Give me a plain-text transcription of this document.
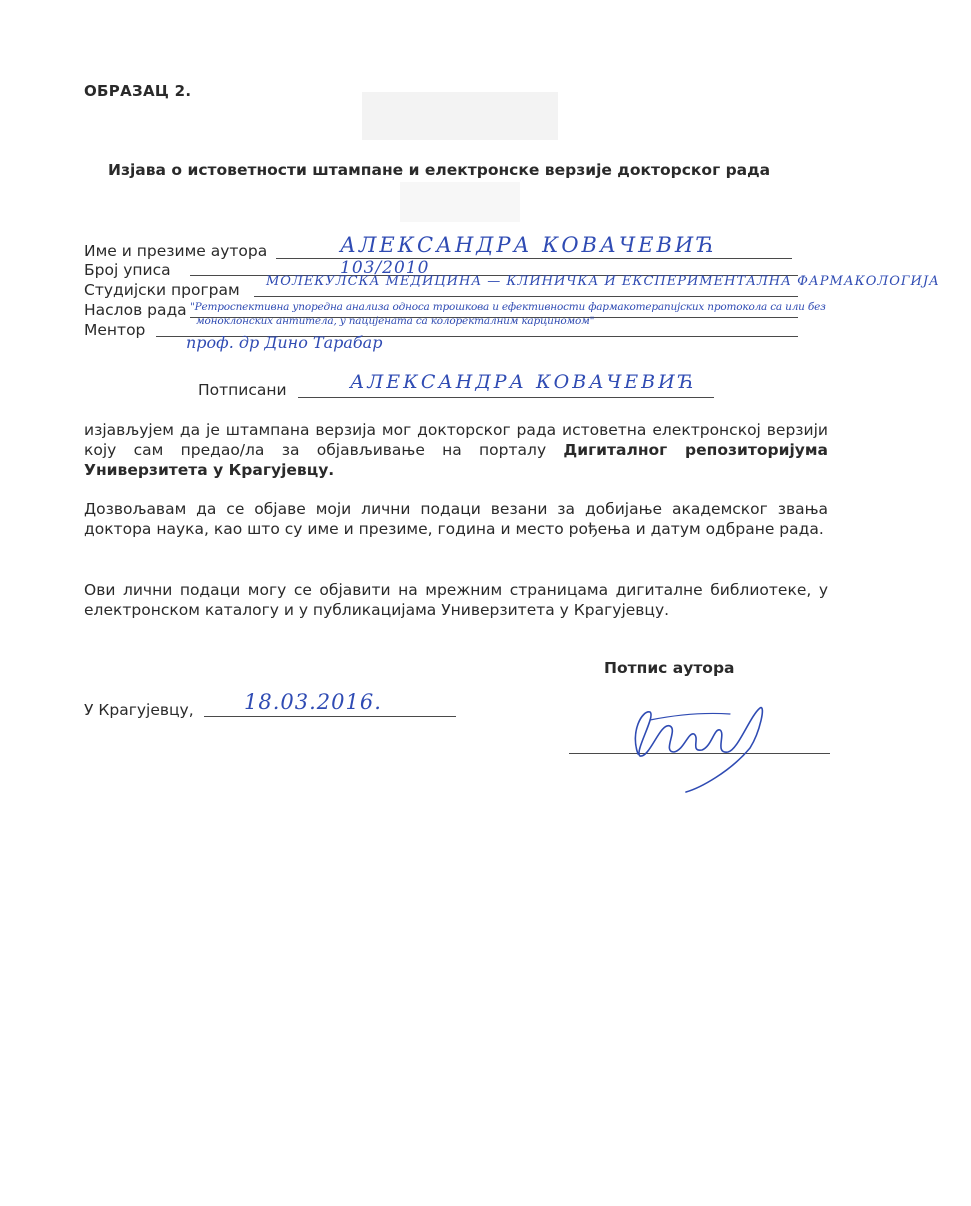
ОБРАЗАЦ 2.
Изјава о истоветности штампане и електронске верзије докторског рада
Име и презиме аутора	АЛЕКСАНДРА КОВАЧЕВИЋ
Број уписа	103/2010
Студијски програм МОЛЕКУЛСКА МЕДИЦИНА — КЛИНИЧКА И ЕКСПЕРИМЕНТАЛНА ФАРМАКОЛОГИЈА
Наслов рада "Ретроспективна упоредна анализа односа трошкова и ефективности фармакотерапијских протокола са или без
моноклонских антитела, у пацијената са колоректалним карциномом"
Ментор
проф. др Дино Тарабар
Потписани	АЛЕКСАНДРА КОВАЧЕВИЋ
изјављујем да је штампана верзија мог докторског рада истоветна електронској верзији коју сам предао/ла за објављивање на порталу Дигиталног репозиторијума Универзитета у Крагујевцу.
Дозвољавам да се објаве моји лични подаци везани за добијање академског звања доктора наука, као што су име и презиме, година и место рођења и датум одбране рада.
Ови лични подаци могу се објавити на мрежним страницама дигиталне библиотеке, у електронском каталогу и у публикацијама Универзитета у Крагујевцу.
Потпис аутора
У Крагујевцу, 18.03.2016.
